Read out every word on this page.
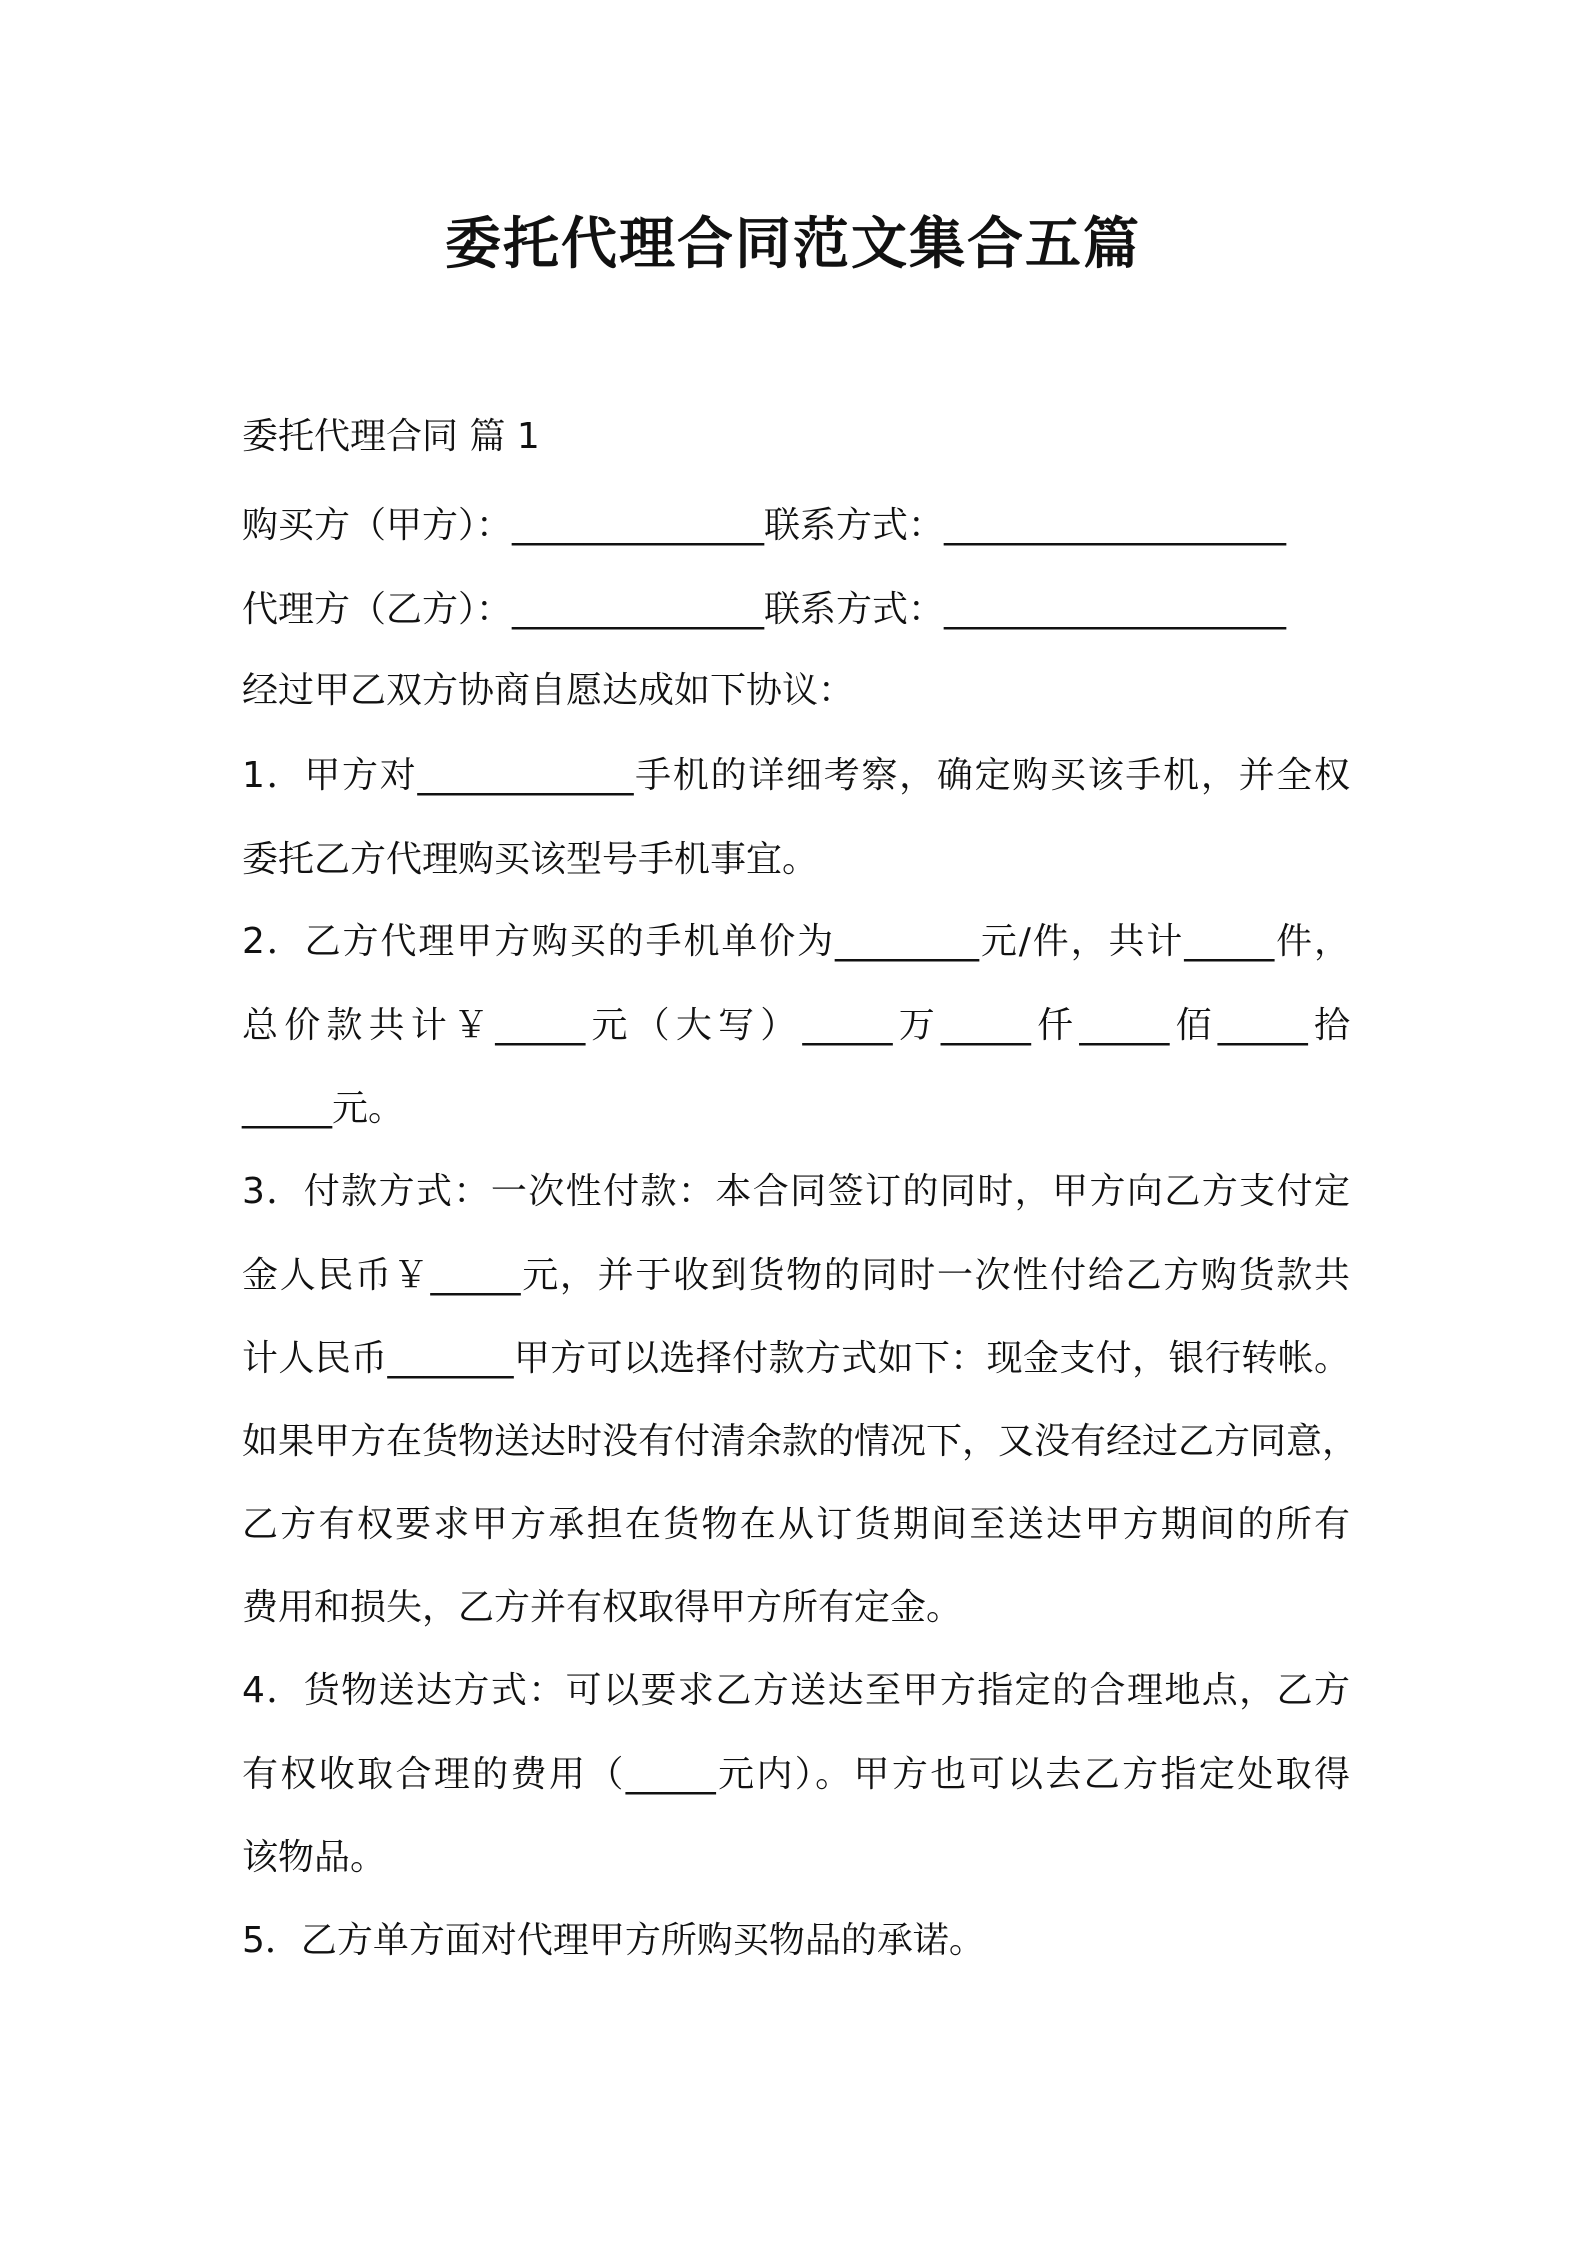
委托代理合同范文集合五篇

委托代理合同 篇 1

购买方（甲方）：______________联系方式：___________________

代理方（乙方）：______________联系方式：___________________

经过甲乙双方协商自愿达成如下协议：

1．甲方对____________手机的详细考察，确定购买该手机，并全权

委托乙方代理购买该型号手机事宜。

2．乙方代理甲方购买的手机单价为________元/件，共计_____件，

总价款共计￥_____元（大写）_____万_____仟_____佰_____拾

_____元。

3．付款方式：一次性付款：本合同签订的同时，甲方向乙方支付定

金人民币￥_____元，并于收到货物的同时一次性付给乙方购货款共

计人民币_______甲方可以选择付款方式如下：现金支付，银行转帐。

如果甲方在货物送达时没有付清余款的情况下，又没有经过乙方同意，

乙方有权要求甲方承担在货物在从订货期间至送达甲方期间的所有

费用和损失，乙方并有权取得甲方所有定金。

4．货物送达方式：可以要求乙方送达至甲方指定的合理地点，乙方

有权收取合理的费用（_____元内）。甲方也可以去乙方指定处取得

该物品。

5．乙方单方面对代理甲方所购买物品的承诺。
